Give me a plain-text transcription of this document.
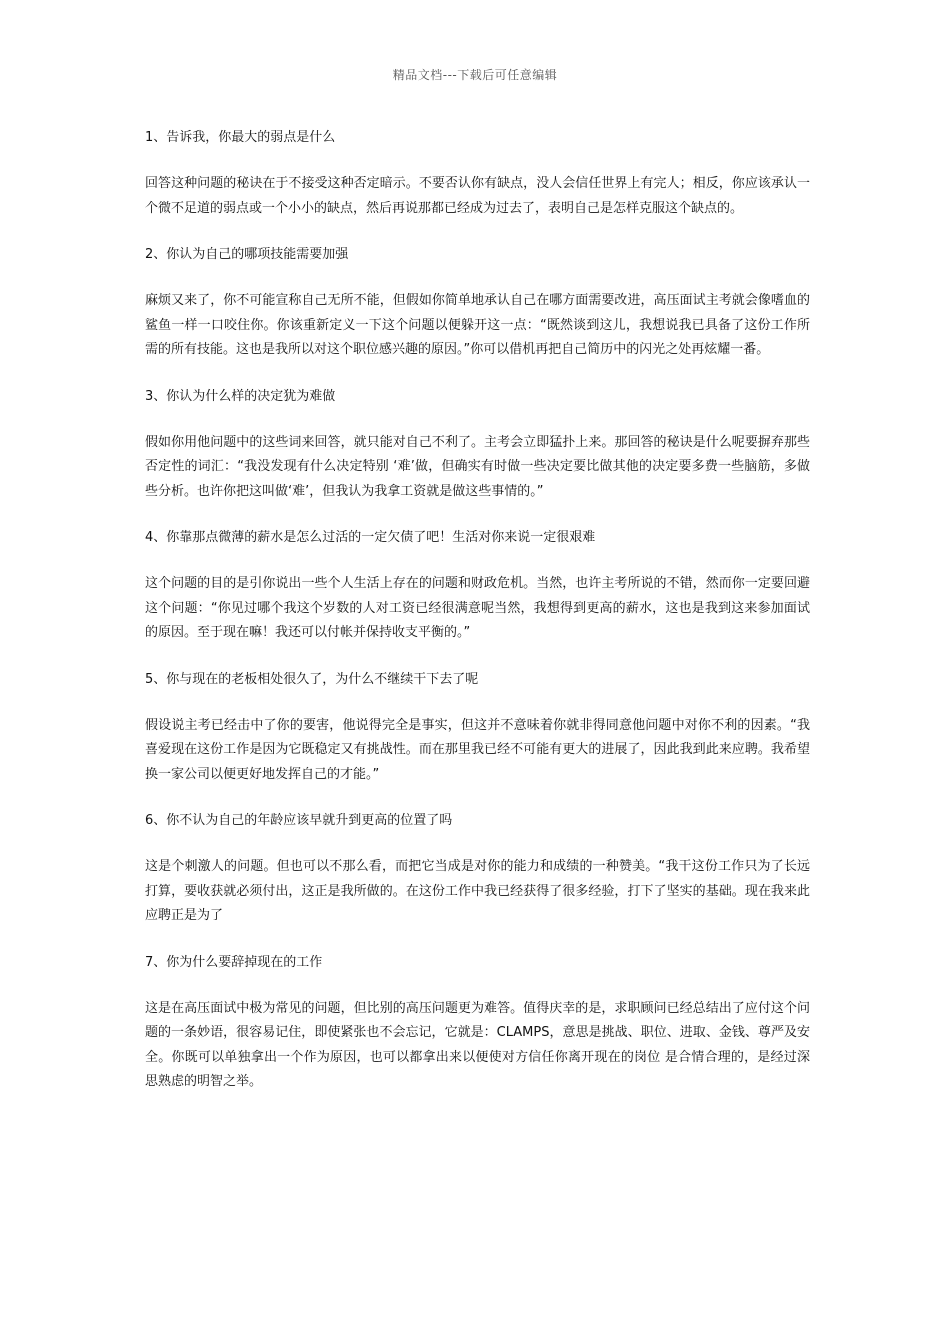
精品文档---下载后可任意编辑

1、告诉我，你最大的弱点是什么

回答这种问题的秘诀在于不接受这种否定暗示。不要否认你有缺点，没人会信任世界上有完人；相反，你应该承认一个微不足道的弱点或一个小小的缺点，然后再说那都已经成为过去了，表明自己是怎样克服这个缺点的。

2、你认为自己的哪项技能需要加强

麻烦又来了，你不可能宣称自己无所不能，但假如你简单地承认自己在哪方面需要改进，高压面试主考就会像嗜血的鲨鱼一样一口咬住你。你该重新定义一下这个问题以便躲开这一点：“既然谈到这儿，我想说我已具备了这份工作所需的所有技能。这也是我所以对这个职位感兴趣的原因。”你可以借机再把自己简历中的闪光之处再炫耀一番。

3、你认为什么样的决定犹为难做

假如你用他问题中的这些词来回答，就只能对自己不利了。主考会立即猛扑上来。那回答的秘诀是什么呢要摒弃那些否定性的词汇：“我没发现有什么决定特别 ‘难’做，但确实有时做一些决定要比做其他的决定要多费一些脑筋，多做些分析。也许你把这叫做‘难’，但我认为我拿工资就是做这些事情的。”

4、你靠那点微薄的薪水是怎么过活的一定欠债了吧！生活对你来说一定很艰难

这个问题的目的是引你说出一些个人生活上存在的问题和财政危机。当然，也许主考所说的不错，然而你一定要回避这个问题：“你见过哪个我这个岁数的人对工资已经很满意呢当然，我想得到更高的薪水，这也是我到这来参加面试的原因。至于现在嘛！我还可以付帐并保持收支平衡的。”

5、你与现在的老板相处很久了，为什么不继续干下去了呢

假设说主考已经击中了你的要害，他说得完全是事实，但这并不意味着你就非得同意他问题中对你不利的因素。“我喜爱现在这份工作是因为它既稳定又有挑战性。而在那里我已经不可能有更大的进展了，因此我到此来应聘。我希望换一家公司以便更好地发挥自己的才能。”

6、你不认为自己的年龄应该早就升到更高的位置了吗

这是个刺激人的问题。但也可以不那么看，而把它当成是对你的能力和成绩的一种赞美。“我干这份工作只为了长远打算，要收获就必须付出，这正是我所做的。在这份工作中我已经获得了很多经验，打下了坚实的基础。现在我来此应聘正是为了

7、你为什么要辞掉现在的工作

这是在高压面试中极为常见的问题，但比别的高压问题更为难答。值得庆幸的是，求职顾问已经总结出了应付这个问题的一条妙语，很容易记住，即使紧张也不会忘记，它就是：CLAMPS，意思是挑战、职位、进取、金钱、尊严及安全。你既可以单独拿出一个作为原因，也可以都拿出来以便使对方信任你离开现在的岗位 是合情合理的，是经过深思熟虑的明智之举。
